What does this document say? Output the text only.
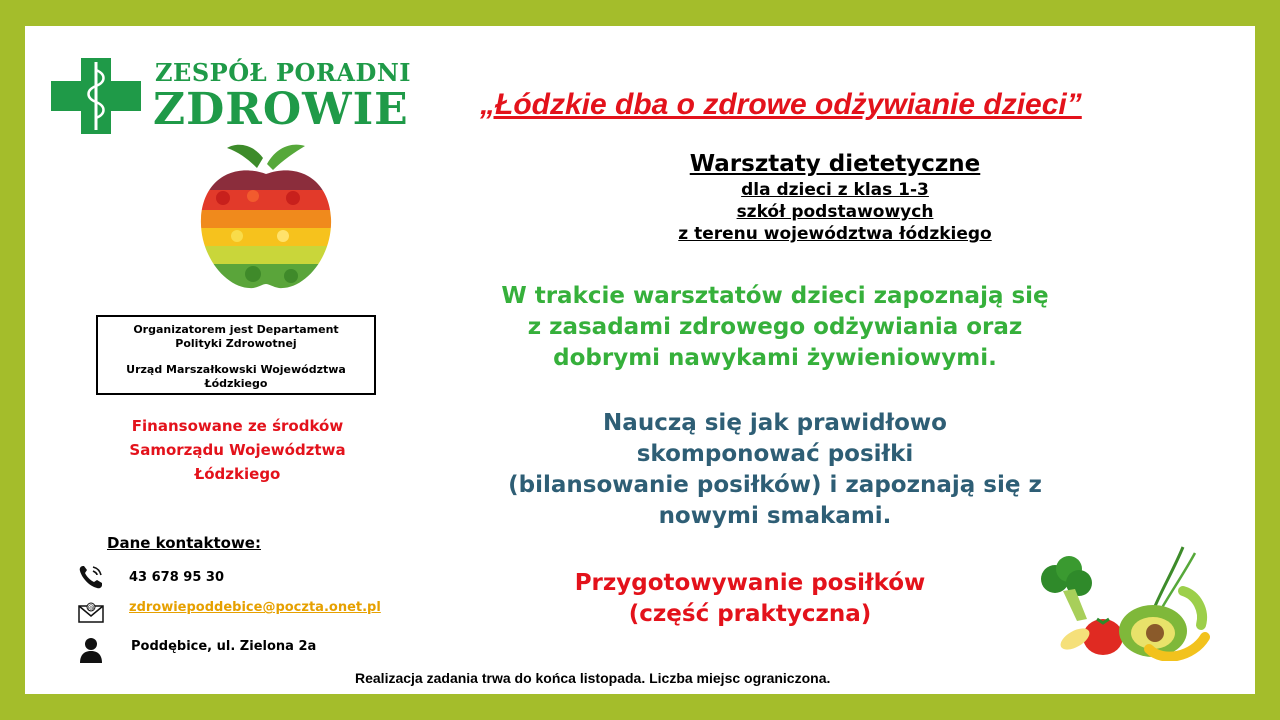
ZESPÓŁ PORADNI
ZDROWIE „Łódzkie dba o zdrowe odżywianie dzieci”
Warsztaty dietetyczne
dla dzieci z klas 1-3
szkół podstawowych
z terenu województwa łódzkiego
Organizatorem jest Departament
Polityki Zdrowotnej
Urząd Marszałkowski Województwa
Łódzkiego
Finansowane ze środków
Samorządu Województwa
Łódzkiego
W trakcie warsztatów dzieci zapoznają się
z zasadami zdrowego odżywiania oraz
dobrymi nawykami żywieniowymi.
Nauczą się jak prawidłowo
skomponować posiłki
(bilansowanie posiłków) i zapoznają się z
nowymi smakami.
Przygotowywanie posiłków
(część praktyczna)
Dane kontaktowe:
43 678 95 30
@	zdrowiepoddebice@poczta.onet.pl
Poddębice, ul. Zielona 2a
Realizacja zadania trwa do końca listopada. Liczba miejsc ograniczona.
